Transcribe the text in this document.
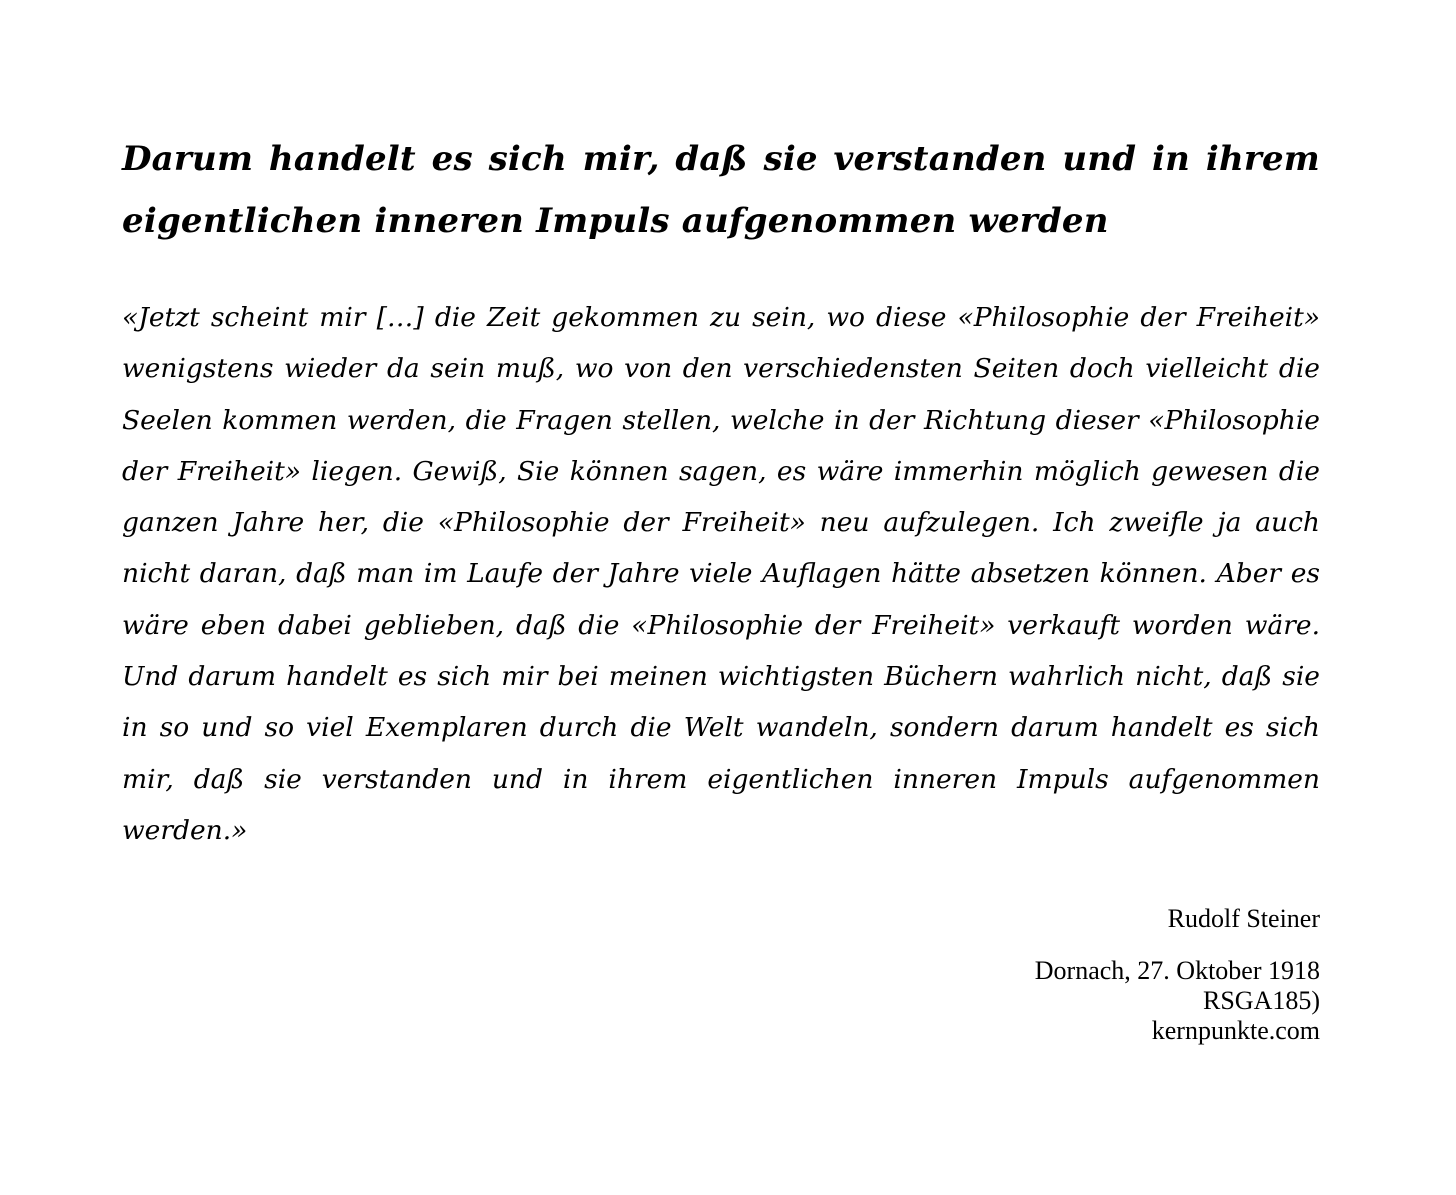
Darum handelt es sich mir, daß sie verstanden und in ihrem eigentlichen inneren Impuls aufgenommen werden

«Jetzt scheint mir […] die Zeit gekommen zu sein, wo diese «Philosophie der Freiheit» wenigstens wieder da sein muß, wo von den verschiedensten Seiten doch vielleicht die Seelen kommen werden, die Fragen stellen, welche in der Richtung dieser «Philosophie der Freiheit» liegen. Gewiß, Sie können sagen, es wäre immerhin möglich gewesen die ganzen Jahre her, die «Philosophie der Freiheit» neu aufzulegen. Ich zweifle ja auch nicht daran, daß man im Laufe der Jahre viele Auflagen hätte absetzen können. Aber es wäre eben dabei geblieben, daß die «Philosophie der Freiheit» verkauft worden wäre. Und darum handelt es sich mir bei meinen wichtigsten Büchern wahrlich nicht, daß sie in so und so viel Exemplaren durch die Welt wandeln, sondern darum handelt es sich mir, daß sie verstanden und in ihrem eigentlichen inneren Impuls aufgenommen werden.»

Rudolf Steiner
Dornach, 27. Oktober 1918
RSGA185)
kernpunkte.com
